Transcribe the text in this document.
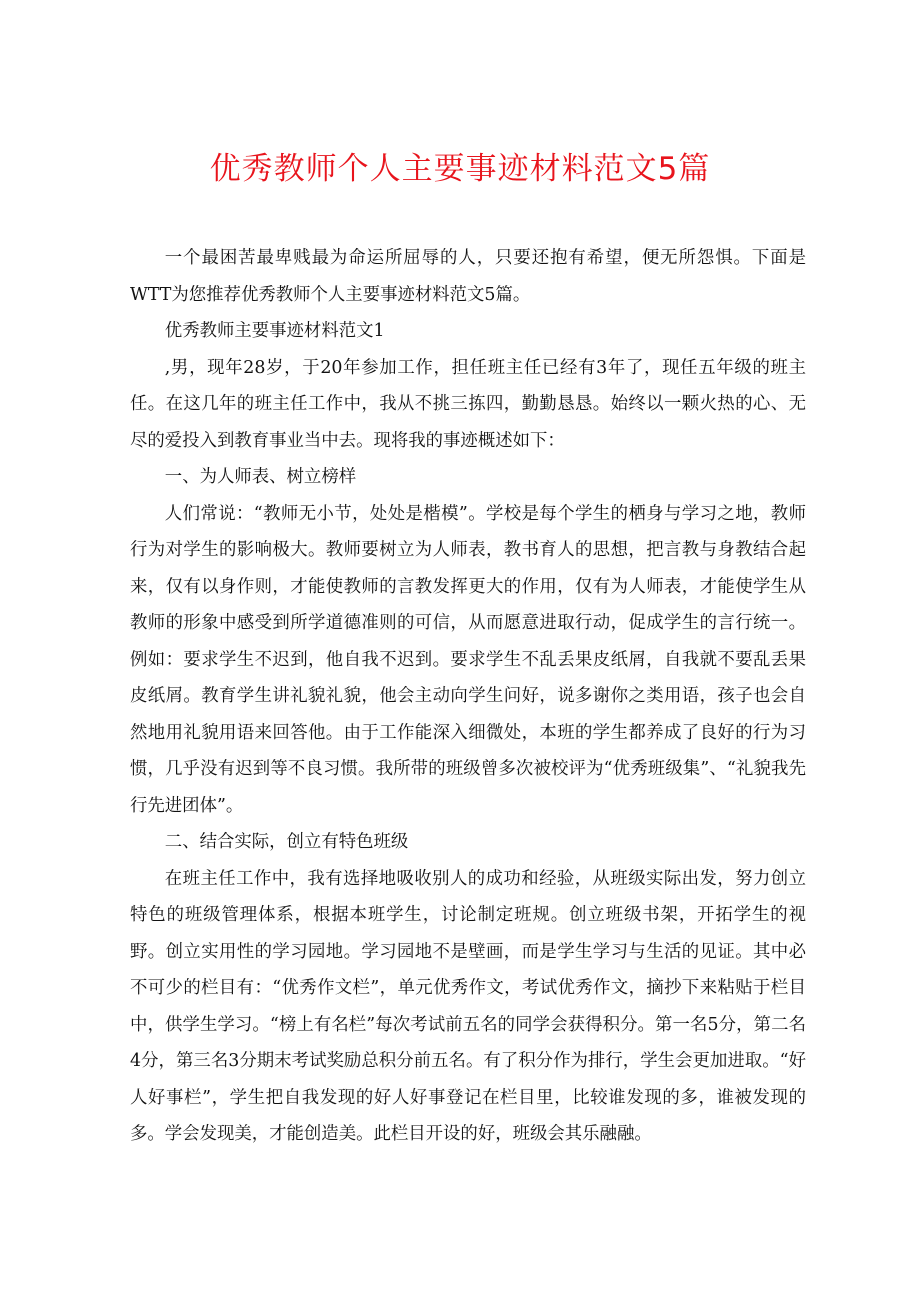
优秀教师个人主要事迹材料范文5篇

一个最困苦最卑贱最为命运所屈辱的人，只要还抱有希望，便无所怨惧。下面是WTT为您推荐优秀教师个人主要事迹材料范文5篇。

优秀教师主要事迹材料范文1

,男，现年28岁，于20年参加工作，担任班主任已经有3年了，现任五年级的班主任。在这几年的班主任工作中，我从不挑三拣四，勤勤恳恳。始终以一颗火热的心、无尽的爱投入到教育事业当中去。现将我的事迹概述如下：

一、为人师表、树立榜样

人们常说：“教师无小节，处处是楷模”。学校是每个学生的栖身与学习之地，教师行为对学生的影响极大。教师要树立为人师表，教书育人的思想，把言教与身教结合起来，仅有以身作则，才能使教师的言教发挥更大的作用，仅有为人师表，才能使学生从教师的形象中感受到所学道德准则的可信，从而愿意进取行动，促成学生的言行统一。例如：要求学生不迟到，他自我不迟到。要求学生不乱丢果皮纸屑，自我就不要乱丢果皮纸屑。教育学生讲礼貌礼貌，他会主动向学生问好，说多谢你之类用语，孩子也会自然地用礼貌用语来回答他。由于工作能深入细微处，本班的学生都养成了良好的行为习惯，几乎没有迟到等不良习惯。我所带的班级曾多次被校评为“优秀班级集”、“礼貌我先行先进团体”。

二、结合实际，创立有特色班级

在班主任工作中，我有选择地吸收别人的成功和经验，从班级实际出发，努力创立特色的班级管理体系，根据本班学生，讨论制定班规。创立班级书架，开拓学生的视野。创立实用性的学习园地。学习园地不是壁画，而是学生学习与生活的见证。其中必不可少的栏目有：“优秀作文栏”，单元优秀作文，考试优秀作文，摘抄下来粘贴于栏目中，供学生学习。“榜上有名栏”每次考试前五名的同学会获得积分。第一名5分，第二名4分，第三名3分期末考试奖励总积分前五名。有了积分作为排行，学生会更加进取。“好人好事栏”，学生把自我发现的好人好事登记在栏目里，比较谁发现的多，谁被发现的多。学会发现美，才能创造美。此栏目开设的好，班级会其乐融融。
